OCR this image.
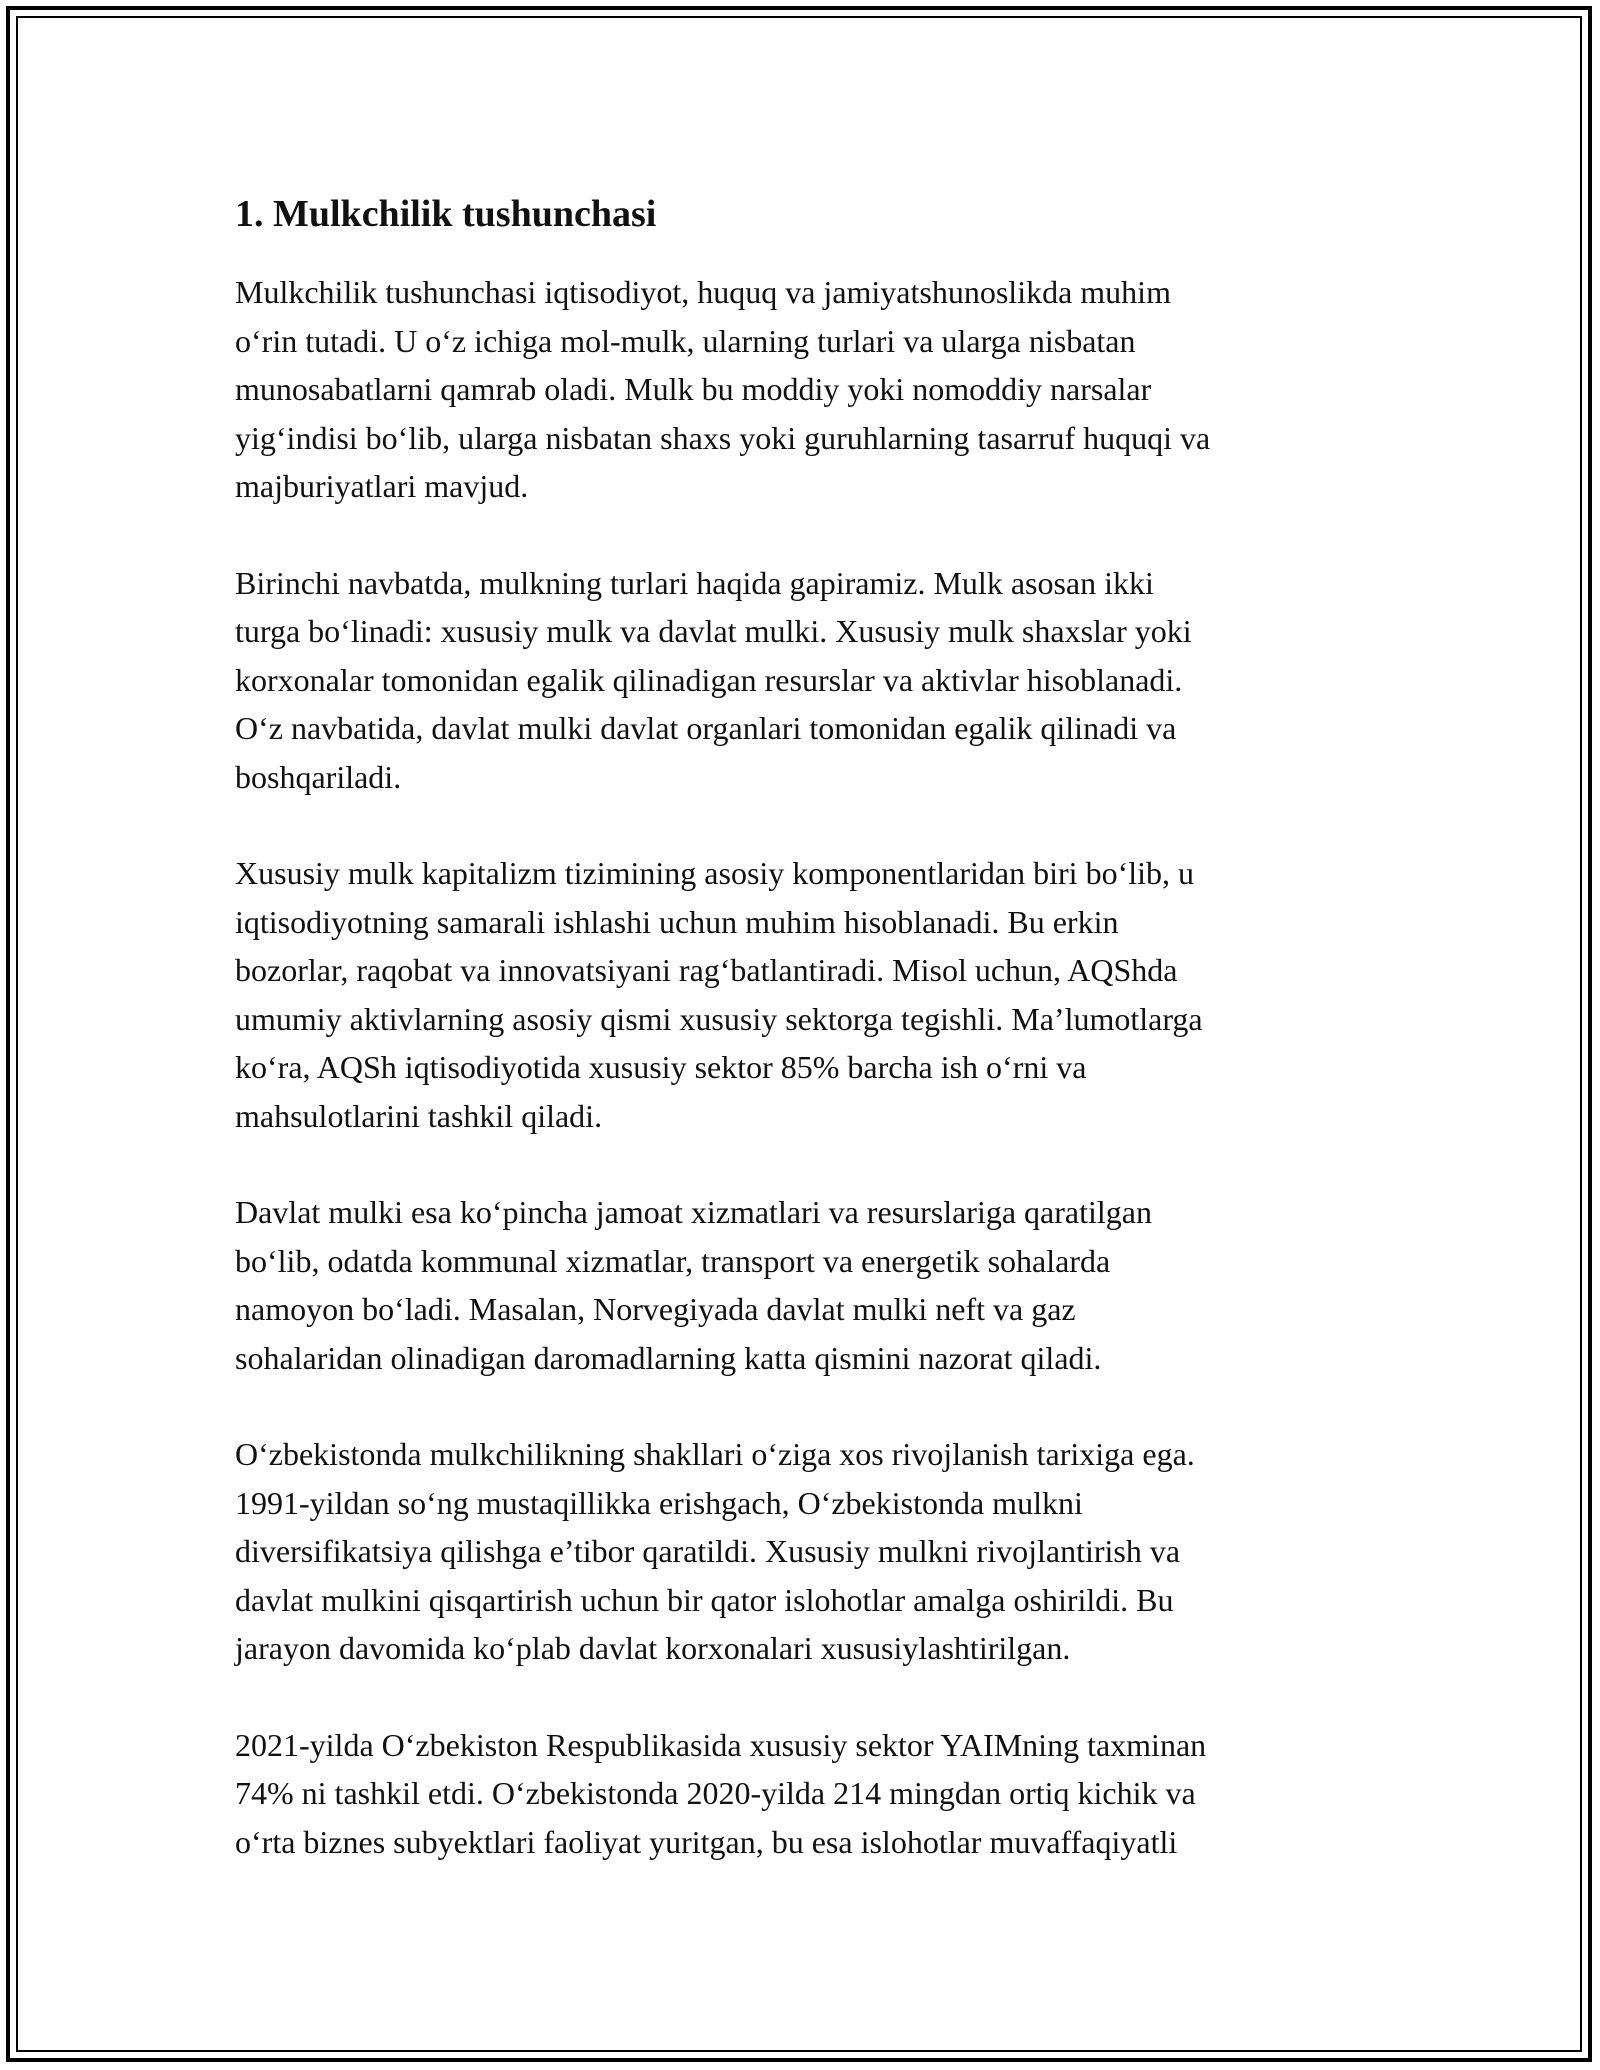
1. Mulkchilik tushunchasi

Mulkchilik tushunchasi iqtisodiyot, huquq va jamiyatshunoslikda muhim
o‘rin tutadi. U o‘z ichiga mol-mulk, ularning turlari va ularga nisbatan
munosabatlarni qamrab oladi. Mulk bu moddiy yoki nomoddiy narsalar
yig‘indisi bo‘lib, ularga nisbatan shaxs yoki guruhlarning tasarruf huquqi va
majburiyatlari mavjud.

Birinchi navbatda, mulkning turlari haqida gapiramiz. Mulk asosan ikki
turga bo‘linadi: xususiy mulk va davlat mulki. Xususiy mulk shaxslar yoki
korxonalar tomonidan egalik qilinadigan resurslar va aktivlar hisoblanadi.
O‘z navbatida, davlat mulki davlat organlari tomonidan egalik qilinadi va
boshqariladi.

Xususiy mulk kapitalizm tizimining asosiy komponentlaridan biri bo‘lib, u
iqtisodiyotning samarali ishlashi uchun muhim hisoblanadi. Bu erkin
bozorlar, raqobat va innovatsiyani rag‘batlantiradi. Misol uchun, AQShda
umumiy aktivlarning asosiy qismi xususiy sektorga tegishli. Ma’lumotlarga
ko‘ra, AQSh iqtisodiyotida xususiy sektor 85% barcha ish o‘rni va
mahsulotlarini tashkil qiladi.

Davlat mulki esa ko‘pincha jamoat xizmatlari va resurslariga qaratilgan
bo‘lib, odatda kommunal xizmatlar, transport va energetik sohalarda
namoyon bo‘ladi. Masalan, Norvegiyada davlat mulki neft va gaz
sohalaridan olinadigan daromadlarning katta qismini nazorat qiladi.

O‘zbekistonda mulkchilikning shakllari o‘ziga xos rivojlanish tarixiga ega.
1991-yildan so‘ng mustaqillikka erishgach, O‘zbekistonda mulkni
diversifikatsiya qilishga e’tibor qaratildi. Xususiy mulkni rivojlantirish va
davlat mulkini qisqartirish uchun bir qator islohotlar amalga oshirildi. Bu
jarayon davomida ko‘plab davlat korxonalari xususiylashtirilgan.

2021-yilda O‘zbekiston Respublikasida xususiy sektor YAIMning taxminan
74% ni tashkil etdi. O‘zbekistonda 2020-yilda 214 mingdan ortiq kichik va
o‘rta biznes subyektlari faoliyat yuritgan, bu esa islohotlar muvaffaqiyatli
